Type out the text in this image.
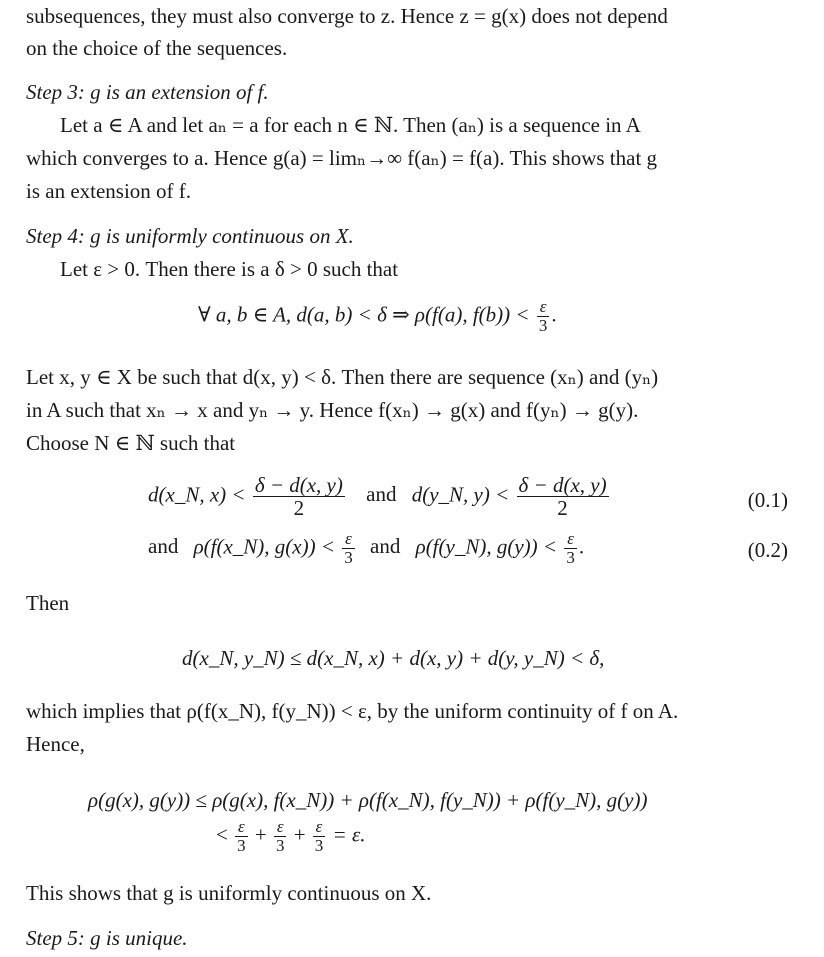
subsequences, they must also converge to z. Hence z = g(x) does not depend
on the choice of the sequences.
Step 3: g is an extension of f.
Let a ∈ A and let aₙ = a for each n ∈ ℕ. Then (aₙ) is a sequence in A
which converges to a. Hence g(a) = limₙ→∞ f(aₙ) = f(a). This shows that g
is an extension of f.
Step 4: g is uniformly continuous on X.
Let ε > 0. Then there is a δ > 0 such that
∀ a, b ∈ A, d(a, b) < δ ⇒ ρ(f(a), $f(b)) < \frac{\varepsilon}{3}$ .
Let x, y ∈ X be such that d(x, y) < δ. Then there are sequence (xₙ) and (yₙ)
in A such that xₙ → x and yₙ → y. Hence f(xₙ) → g(x) and f(yₙ) → g(y).
Choose N ∈ ℕ such that
d(x_N, $x) < \frac{\delta - d(x, y)}{2}$ and d(y_N, $y) < \frac{\delta - d(x, y)}{2}$	(0.1)
and ρ(f(x_N), $g(x)) < \frac{\varepsilon}{3}$ and ρ(f(y_N), $g(y)) < \frac{\varepsilon}{3}$ .	(0.2)
Then
d(x_N, y_N) ≤ d(x_N, x) + d(x, y) + d(y, y_N) < δ,
which implies that ρ(f(x_N), f(y_N)) < ε, by the uniform continuity of f on A.
Hence,
ρ(g(x), g(y)) ≤ ρ(g(x), f(x_N)) + ρ(f(x_N), f(y_N)) + ρ(f(y_N), g(y))
< $\frac{\varepsilon}{3} + \frac{\varepsilon}{3} + \frac{\varepsilon}{3} = \varepsilon$.
This shows that g is uniformly continuous on X.
Step 5: g is unique.
